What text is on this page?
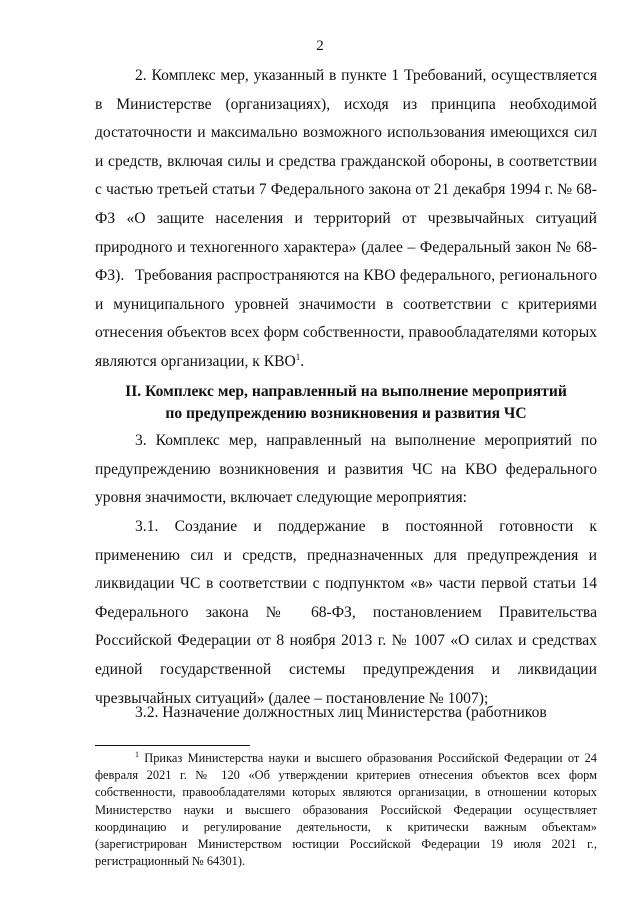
2

2. Комплекс мер, указанный в пункте 1 Требований, осуществляется в Министерстве (организациях), исходя из принципа необходимой достаточности и максимально возможного использования имеющихся сил и средств, включая силы и средства гражданской обороны, в соответствии с частью третьей статьи 7 Федерального закона от 21 декабря 1994 г. № 68-ФЗ «О защите населения и территорий от чрезвычайных ситуаций природного и техногенного характера» (далее – Федеральный закон № 68-ФЗ). Требования распространяются на КВО федерального, регионального и муниципального уровней значимости в соответствии с критериями отнесения объектов всех форм собственности, правообладателями которых являются организации, к КВО$^1$.

II. Комплекс мер, направленный на выполнение мероприятий
по предупреждению возникновения и развития ЧС

3. Комплекс мер, направленный на выполнение мероприятий по предупреждению возникновения и развития ЧС на КВО федерального уровня значимости, включает следующие мероприятия:

3.1. Создание и поддержание в постоянной готовности к применению сил и средств, предназначенных для предупреждения и ликвидации ЧС в соответствии с подпунктом «в» части первой статьи 14 Федерального закона № 68-ФЗ, постановлением Правительства Российской Федерации от 8 ноября 2013 г. № 1007 «О силах и средствах единой государственной системы предупреждения и ликвидации чрезвычайных ситуаций» (далее – постановление № 1007);

3.2. Назначение должностных лиц Министерства (работников

$^1$ Приказ Министерства науки и высшего образования Российской Федерации от 24 февраля 2021 г. № 120 «Об утверждении критериев отнесения объектов всех форм собственности, правообладателями которых являются организации, в отношении которых Министерство науки и высшего образования Российской Федерации осуществляет координацию и регулирование деятельности, к критически важным объектам» (зарегистрирован Министерством юстиции Российской Федерации 19 июля 2021 г., регистрационный № 64301).
